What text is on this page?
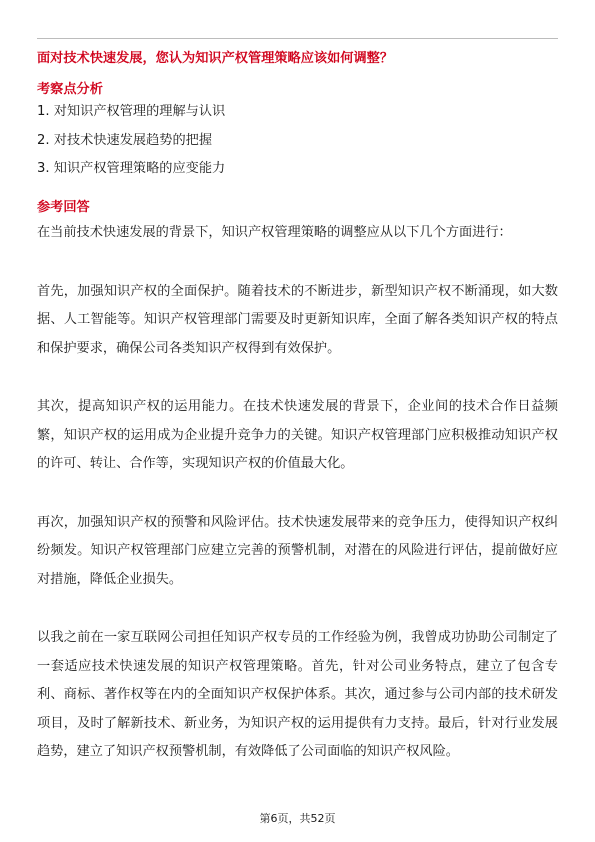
面对技术快速发展，您认为知识产权管理策略应该如何调整？
考察点分析
1. 对知识产权管理的理解与认识
2. 对技术快速发展趋势的把握
3. 知识产权管理策略的应变能力
参考回答

在当前技术快速发展的背景下，知识产权管理策略的调整应从以下几个方面进行：

首先，加强知识产权的全面保护。随着技术的不断进步，新型知识产权不断涌现，如大数据、人工智能等。知识产权管理部门需要及时更新知识库，全面了解各类知识产权的特点和保护要求，确保公司各类知识产权得到有效保护。

其次，提高知识产权的运用能力。在技术快速发展的背景下，企业间的技术合作日益频繁，知识产权的运用成为企业提升竞争力的关键。知识产权管理部门应积极推动知识产权的许可、转让、合作等，实现知识产权的价值最大化。

再次，加强知识产权的预警和风险评估。技术快速发展带来的竞争压力，使得知识产权纠纷频发。知识产权管理部门应建立完善的预警机制，对潜在的风险进行评估，提前做好应对措施，降低企业损失。

以我之前在一家互联网公司担任知识产权专员的工作经验为例，我曾成功协助公司制定了一套适应技术快速发展的知识产权管理策略。首先，针对公司业务特点，建立了包含专利、商标、著作权等在内的全面知识产权保护体系。其次，通过参与公司内部的技术研发项目，及时了解新技术、新业务，为知识产权的运用提供有力支持。最后，针对行业发展趋势，建立了知识产权预警机制，有效降低了公司面临的知识产权风险。

第6页，共52页
